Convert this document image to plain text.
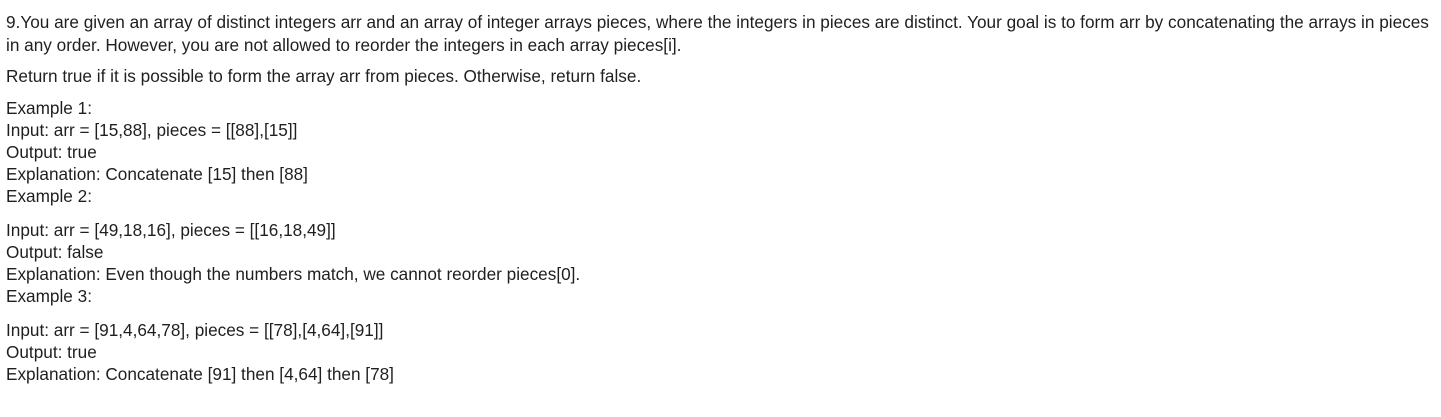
9.You are given an array of distinct integers arr and an array of integer arrays pieces, where the integers in pieces are distinct. Your goal is to form arr by concatenating the arrays in pieces in any order. However, you are not allowed to reorder the integers in each array pieces[i].

Return true if it is possible to form the array arr from pieces. Otherwise, return false.

Example 1:
Input: arr = [15,88], pieces = [[88],[15]]
Output: true
Explanation: Concatenate [15] then [88]
Example 2:
Input: arr = [49,18,16], pieces = [[16,18,49]]
Output: false
Explanation: Even though the numbers match, we cannot reorder pieces[0].
Example 3:
Input: arr = [91,4,64,78], pieces = [[78],[4,64],[91]]
Output: true
Explanation: Concatenate [91] then [4,64] then [78]
